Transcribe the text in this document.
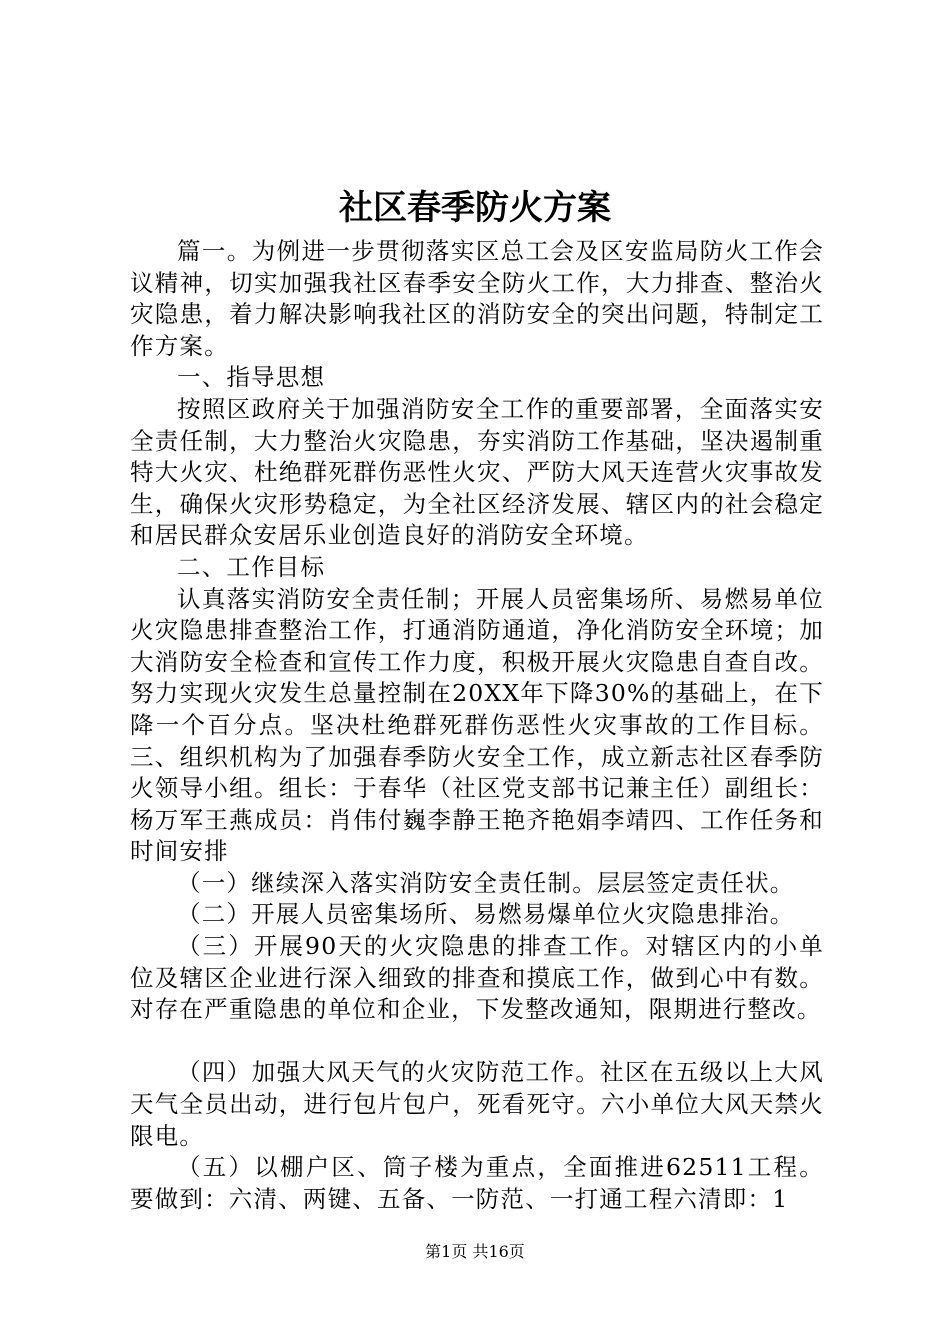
社区春季防火方案

篇一。为例进一步贯彻落实区总工会及区安监局防火工作会议精神，切实加强我社区春季安全防火工作，大力排查、整治火灾隐患，着力解决影响我社区的消防安全的突出问题，特制定工作方案。

一、指导思想

按照区政府关于加强消防安全工作的重要部署，全面落实安全责任制，大力整治火灾隐患，夯实消防工作基础，坚决遏制重特大火灾、杜绝群死群伤恶性火灾、严防大风天连营火灾事故发生，确保火灾形势稳定，为全社区经济发展、辖区内的社会稳定和居民群众安居乐业创造良好的消防安全环境。

二、工作目标

认真落实消防安全责任制；开展人员密集场所、易燃易单位火灾隐患排查整治工作，打通消防通道，净化消防安全环境；加大消防安全检查和宣传工作力度，积极开展火灾隐患自查自改。努力实现火灾发生总量控制在20XX年下降30%的基础上，在下降一个百分点。坚决杜绝群死群伤恶性火灾事故的工作目标。三、组织机构为了加强春季防火安全工作，成立新志社区春季防火领导小组。组长：于春华（社区党支部书记兼主任）副组长：杨万军王燕成员：肖伟付巍李静王艳齐艳娟李靖四、工作任务和时间安排

（一）继续深入落实消防安全责任制。层层签定责任状。

（二）开展人员密集场所、易燃易爆单位火灾隐患排治。

（三）开展90天的火灾隐患的排查工作。对辖区内的小单位及辖区企业进行深入细致的排查和摸底工作，做到心中有数。对存在严重隐患的单位和企业，下发整改通知，限期进行整改。

（四）加强大风天气的火灾防范工作。社区在五级以上大风天气全员出动，进行包片包户，死看死守。六小单位大风天禁火限电。

（五）以棚户区、筒子楼为重点，全面推进62511工程。要做到：六清、两键、五备、一防范、一打通工程六清即：1

第1页 共16页
